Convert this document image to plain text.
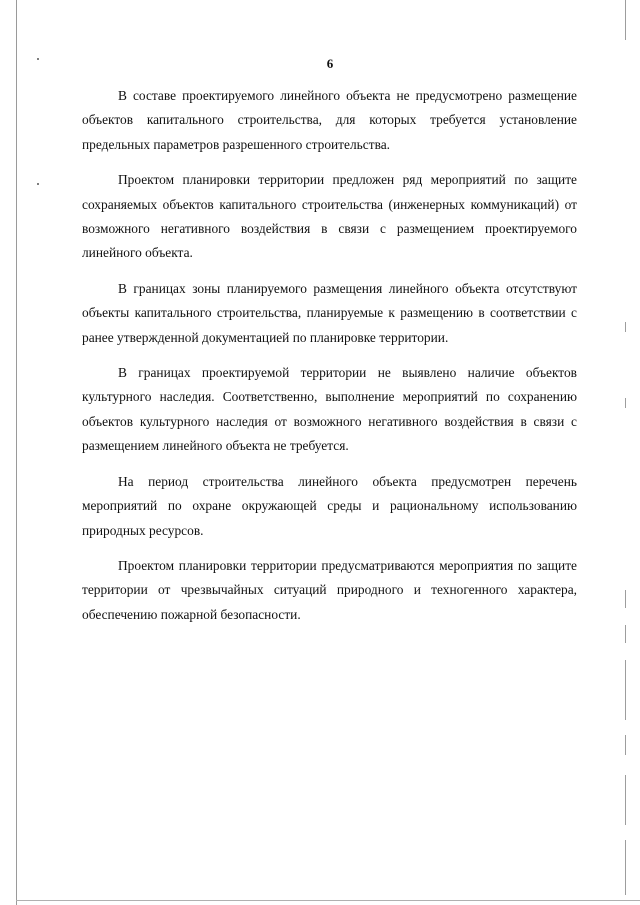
6

В составе проектируемого линейного объекта не предусмотрено размещение объектов капитального строительства, для которых требуется установление предельных параметров разрешенного строительства.

Проектом планировки территории предложен ряд мероприятий по защите сохраняемых объектов капитального строительства (инженерных коммуникаций) от возможного негативного воздействия в связи с размещением проектируемого линейного объекта.

В границах зоны планируемого размещения линейного объекта отсутствуют объекты капитального строительства, планируемые к размещению в соответствии с ранее утвержденной документацией по планировке территории.

В границах проектируемой территории не выявлено наличие объектов культурного наследия. Соответственно, выполнение мероприятий по сохранению объектов культурного наследия от возможного негативного воздействия в связи с размещением линейного объекта не требуется.

На период строительства линейного объекта предусмотрен перечень мероприятий по охране окружающей среды и рациональному использованию природных ресурсов.

Проектом планировки территории предусматриваются мероприятия по защите территории от чрезвычайных ситуаций природного и техногенного характера, обеспечению пожарной безопасности.
